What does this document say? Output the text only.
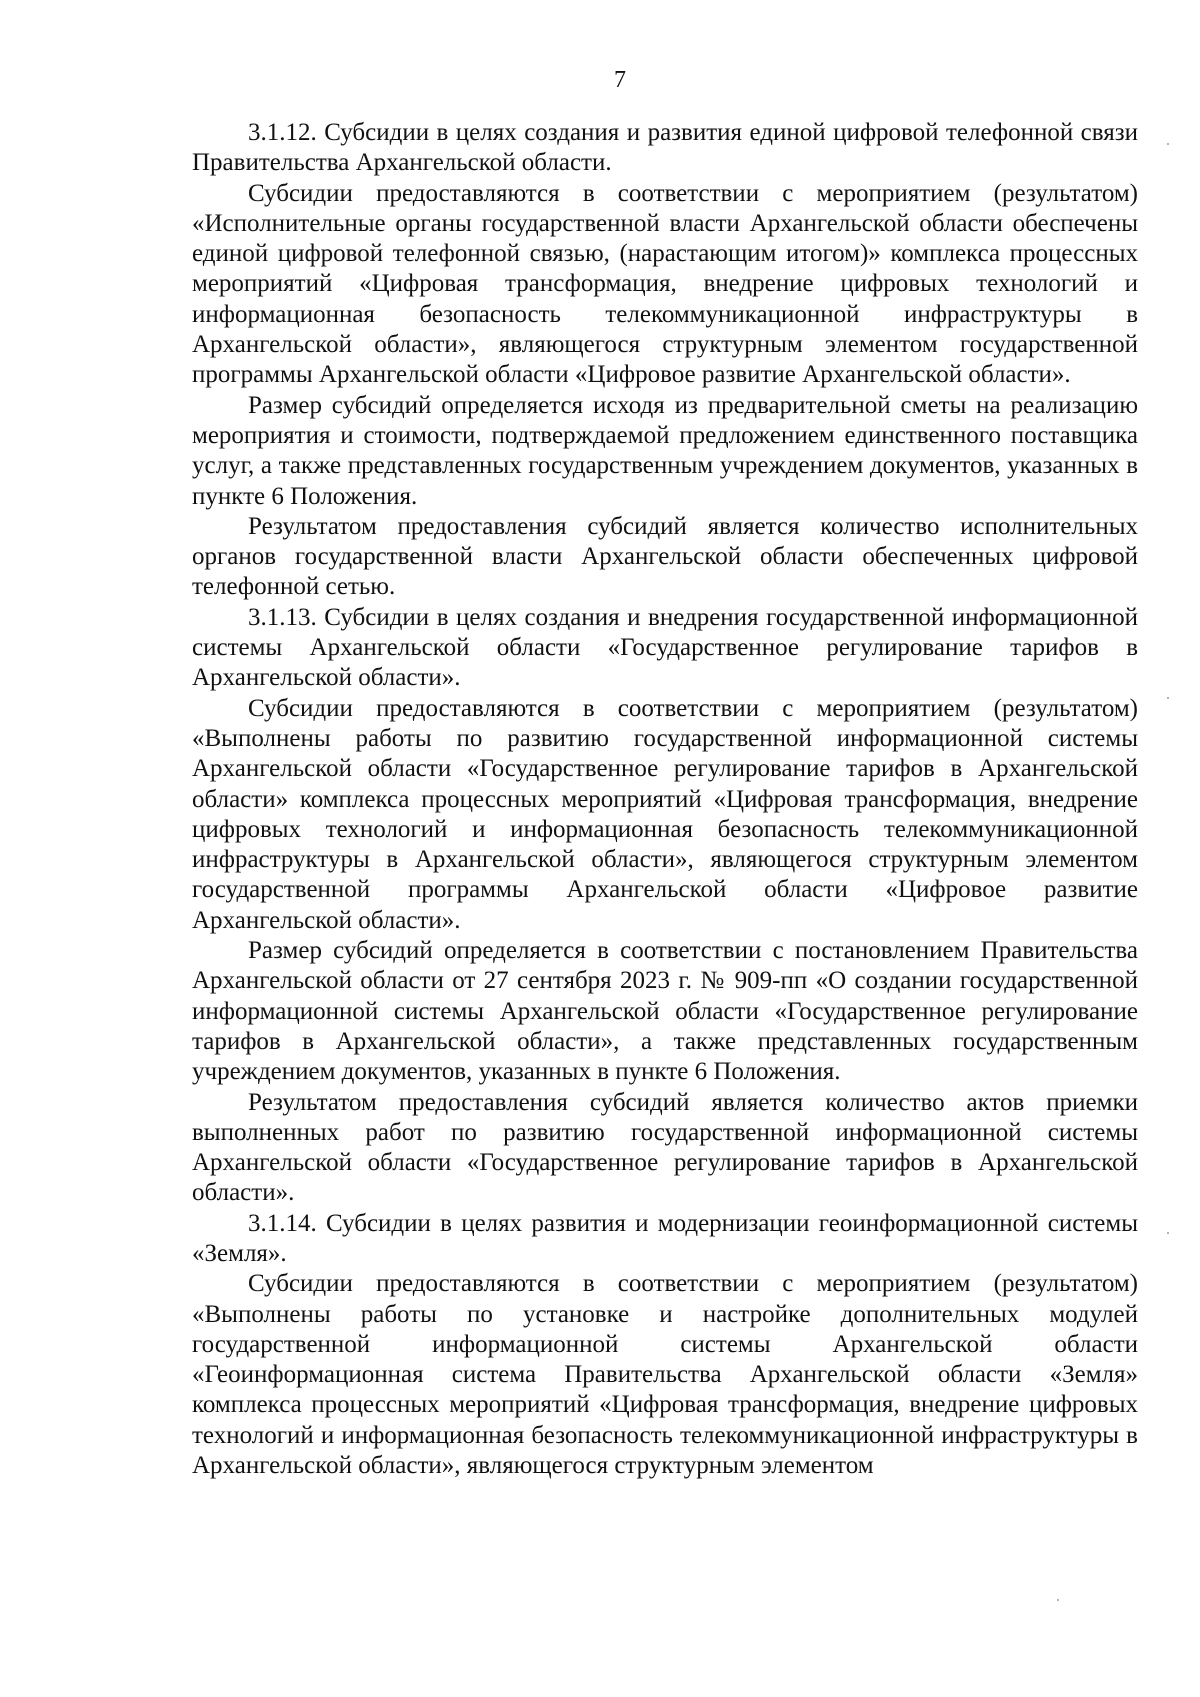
7

3.1.12. Субсидии в целях создания и развития единой цифровой телефонной связи Правительства Архангельской области.

Субсидии предоставляются в соответствии с мероприятием (результатом) «Исполнительные органы государственной власти Архангельской области обеспечены единой цифровой телефонной связью, (нарастающим итогом)» комплекса процессных мероприятий «Цифровая трансформация, внедрение цифровых технологий и информационная безопасность телекоммуникационной инфраструктуры в Архангельской области», являющегося структурным элементом государственной программы Архангельской области «Цифровое развитие Архангельской области».

Размер субсидий определяется исходя из предварительной сметы на реализацию мероприятия и стоимости, подтверждаемой предложением единственного поставщика услуг, а также представленных государственным учреждением документов, указанных в пункте 6 Положения.

Результатом предоставления субсидий является количество исполнительных органов государственной власти Архангельской области обеспеченных цифровой телефонной сетью.

3.1.13. Субсидии в целях создания и внедрения государственной информационной системы Архангельской области «Государственное регулирование тарифов в Архангельской области».

Субсидии предоставляются в соответствии с мероприятием (результатом) «Выполнены работы по развитию государственной информационной системы Архангельской области «Государственное регулирование тарифов в Архангельской области» комплекса процессных мероприятий «Цифровая трансформация, внедрение цифровых технологий и информационная безопасность телекоммуникационной инфраструктуры в Архангельской области», являющегося структурным элементом государственной программы Архангельской области «Цифровое развитие Архангельской области».

Размер субсидий определяется в соответствии с постановлением Правительства Архангельской области от 27 сентября 2023 г. № 909-пп «О создании государственной информационной системы Архангельской области «Государственное регулирование тарифов в Архангельской области», а также представленных государственным учреждением документов, указанных в пункте 6 Положения.

Результатом предоставления субсидий является количество актов приемки выполненных работ по развитию государственной информационной системы Архангельской области «Государственное регулирование тарифов в Архангельской области».

3.1.14. Субсидии в целях развития и модернизации геоинформационной системы «Земля».

Субсидии предоставляются в соответствии с мероприятием (результатом) «Выполнены работы по установке и настройке дополнительных модулей государственной информационной системы Архангельской области «Геоинформационная система Правительства Архангельской области «Земля» комплекса процессных мероприятий «Цифровая трансформация, внедрение цифровых технологий и информационная безопасность телекоммуникационной инфраструктуры в Архангельской области», являющегося структурным элементом
